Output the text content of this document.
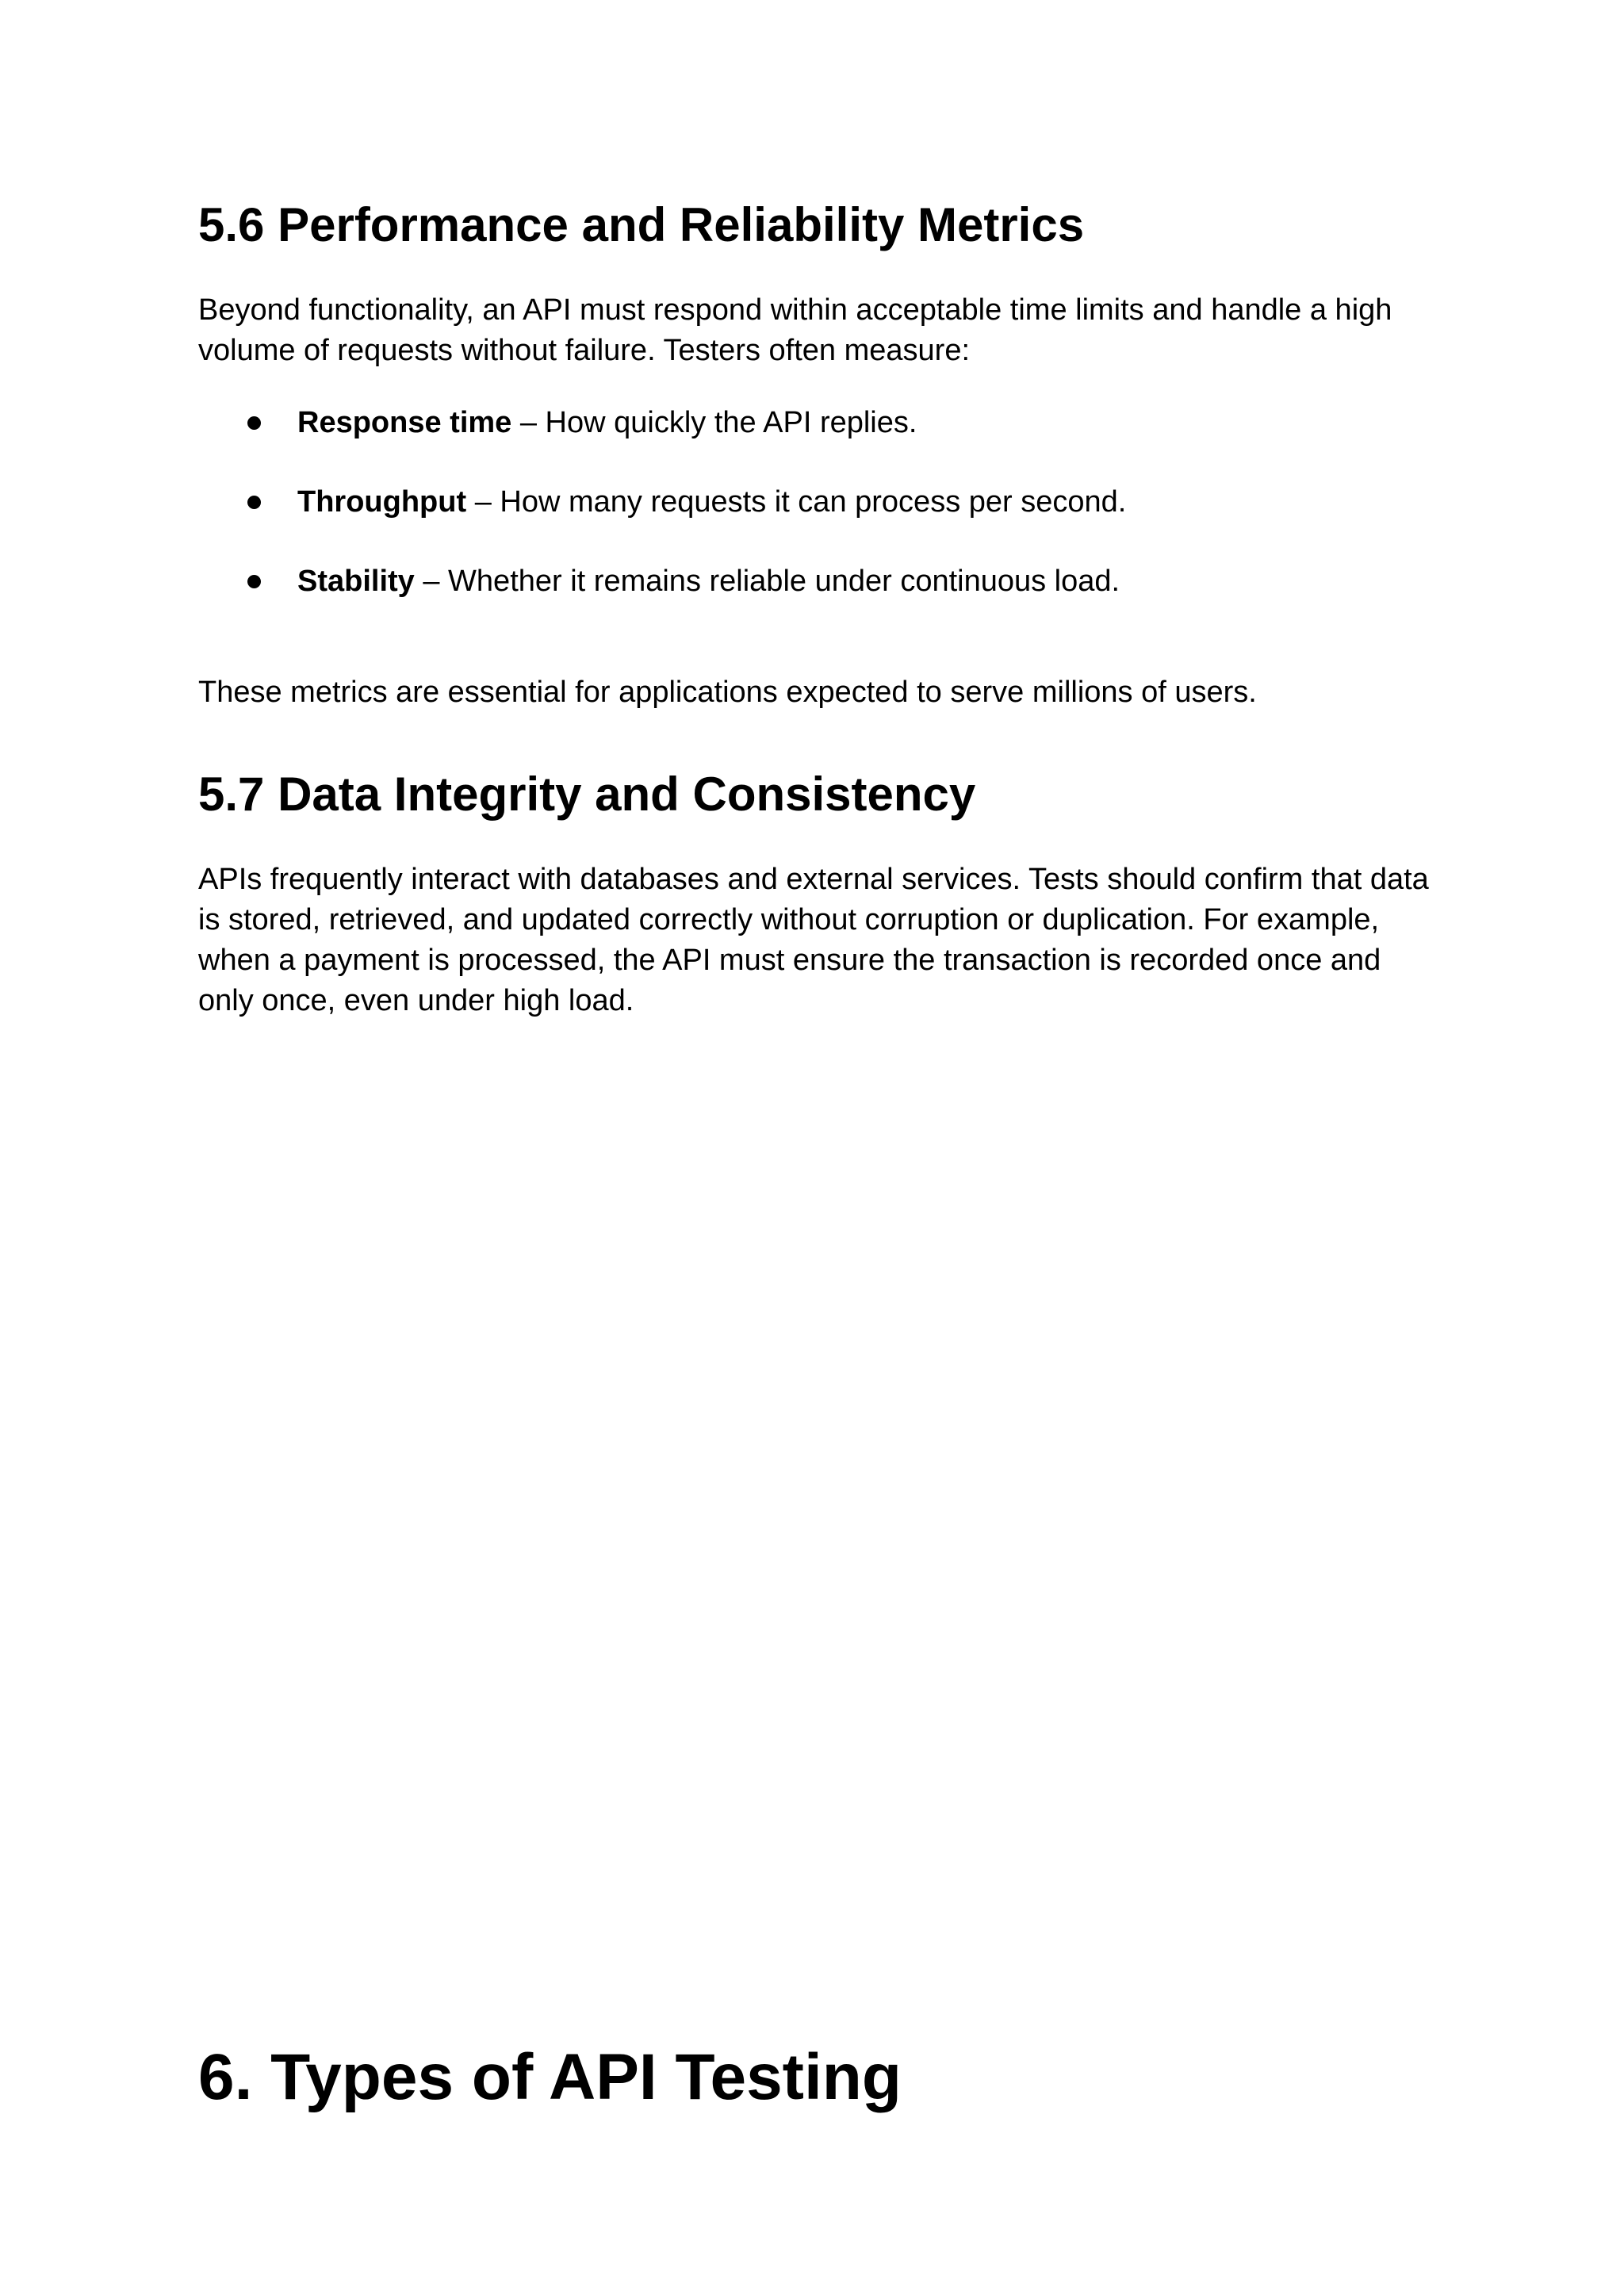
5.6 Performance and Reliability Metrics

Beyond functionality, an API must respond within acceptable time limits and handle a high
volume of requests without failure. Testers often measure:

Response time – How quickly the API replies.
Throughput – How many requests it can process per second.
Stability – Whether it remains reliable under continuous load.

These metrics are essential for applications expected to serve millions of users.

5.7 Data Integrity and Consistency

APIs frequently interact with databases and external services. Tests should confirm that data
is stored, retrieved, and updated correctly without corruption or duplication. For example,
when a payment is processed, the API must ensure the transaction is recorded once and
only once, even under high load.

6. Types of API Testing
